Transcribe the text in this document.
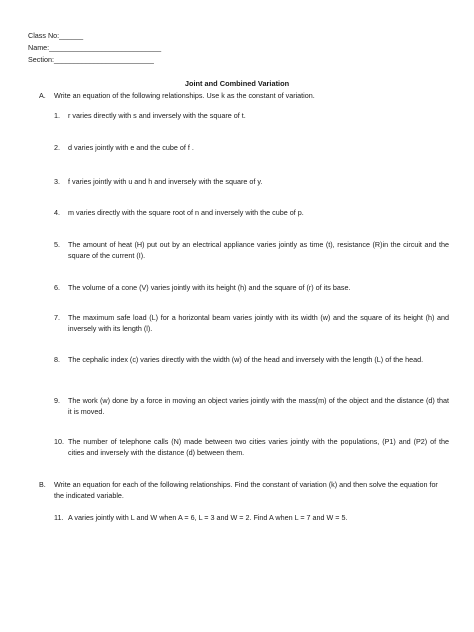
Class No:______
Name:____________________________
Section:_________________________
Joint and Combined Variation
A. Write an equation of the following relationships. Use k as the constant of variation.
1. r varies directly with s and inversely with the square of t.
2. d varies jointly with e and the cube of f .
3. f varies jointly with u and h and inversely with the square of y.
4. m varies directly with the square root of n and inversely with the cube of p.
5. The amount of heat (H) put out by an electrical appliance varies jointly as time (t), resistance (R)in the circuit and the square of the current (I).
6. The volume of a cone (V) varies jointly with its height (h) and the square of (r) of its base.
7. The maximum safe load (L) for a horizontal beam varies jointly with its width (w) and the square of its height (h) and inversely with its length (l).
8. The cephalic index (c) varies directly with the width (w) of the head and inversely with the length (L) of the head.
9. The work (w) done by a force in moving an object varies jointly with the mass(m) of the object and the distance (d) that it is moved.
10. The number of telephone calls (N) made between two cities varies jointly with the populations, (P1) and (P2) of the cities and inversely with the distance (d) between them.
B. Write an equation for each of the following relationships. Find the constant of variation (k) and then solve the equation for the indicated variable.
11. A varies jointly with L and W when A = 6, L = 3 and W = 2. Find A when L = 7 and W = 5.
